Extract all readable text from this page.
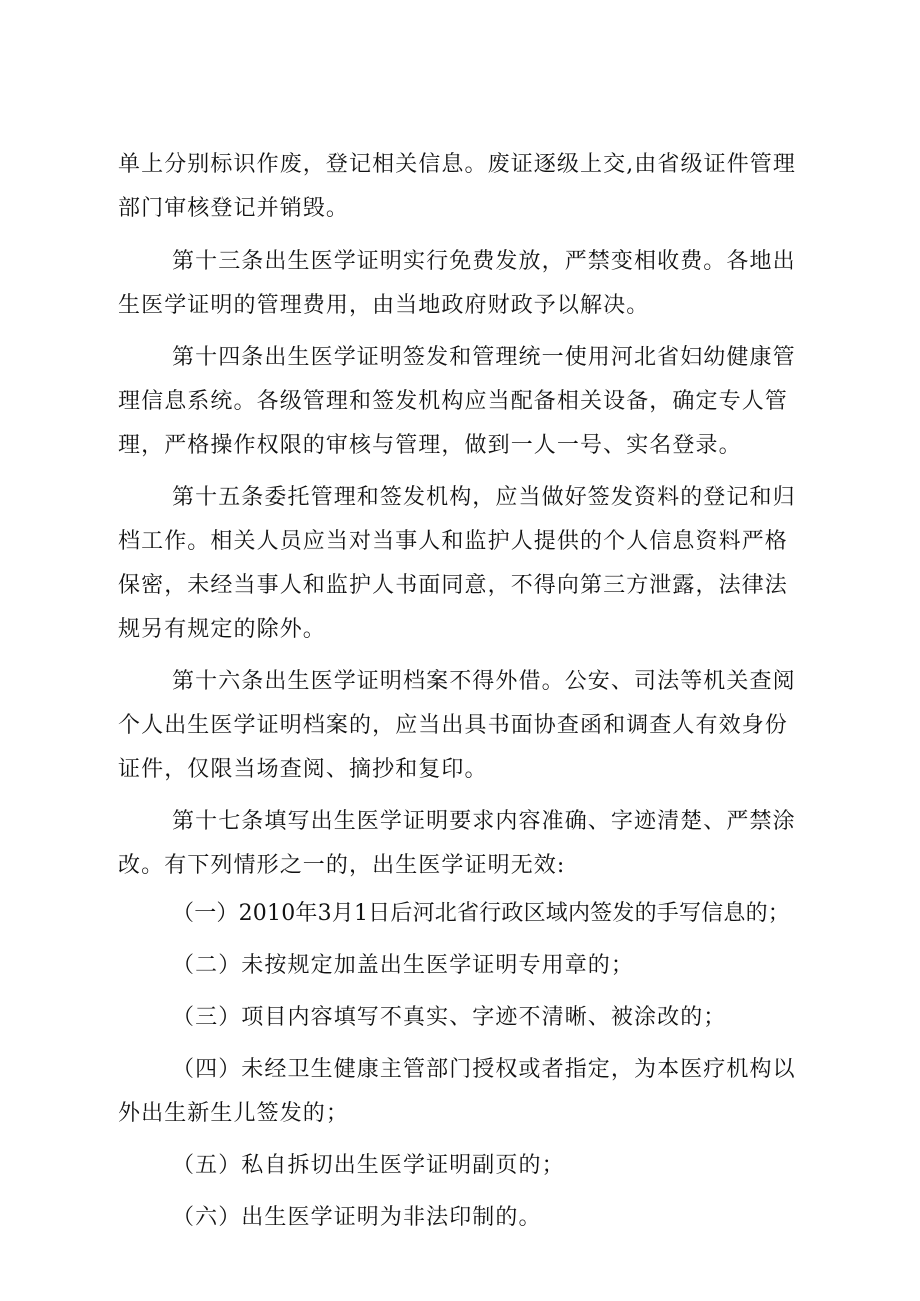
单上分别标识作废，登记相关信息。废证逐级上交,由省级证件管理
部门审核登记并销毁。
第十三条出生医学证明实行免费发放，严禁变相收费。各地出
生医学证明的管理费用，由当地政府财政予以解决。
第十四条出生医学证明签发和管理统一使用河北省妇幼健康管
理信息系统。各级管理和签发机构应当配备相关设备，确定专人管
理，严格操作权限的审核与管理，做到一人一号、实名登录。
第十五条委托管理和签发机构，应当做好签发资料的登记和归
档工作。相关人员应当对当事人和监护人提供的个人信息资料严格
保密，未经当事人和监护人书面同意，不得向第三方泄露，法律法
规另有规定的除外。
第十六条出生医学证明档案不得外借。公安、司法等机关查阅
个人出生医学证明档案的，应当出具书面协查函和调查人有效身份
证件，仅限当场查阅、摘抄和复印。
第十七条填写出生医学证明要求内容准确、字迹清楚、严禁涂
改。有下列情形之一的，出生医学证明无效:
（一）2010年3月1日后河北省行政区域内签发的手写信息的；
（二）未按规定加盖出生医学证明专用章的；
（三）项目内容填写不真实、字迹不清晰、被涂改的；
（四）未经卫生健康主管部门授权或者指定，为本医疗机构以
外出生新生儿签发的；
（五）私自拆切出生医学证明副页的；
（六）出生医学证明为非法印制的。
